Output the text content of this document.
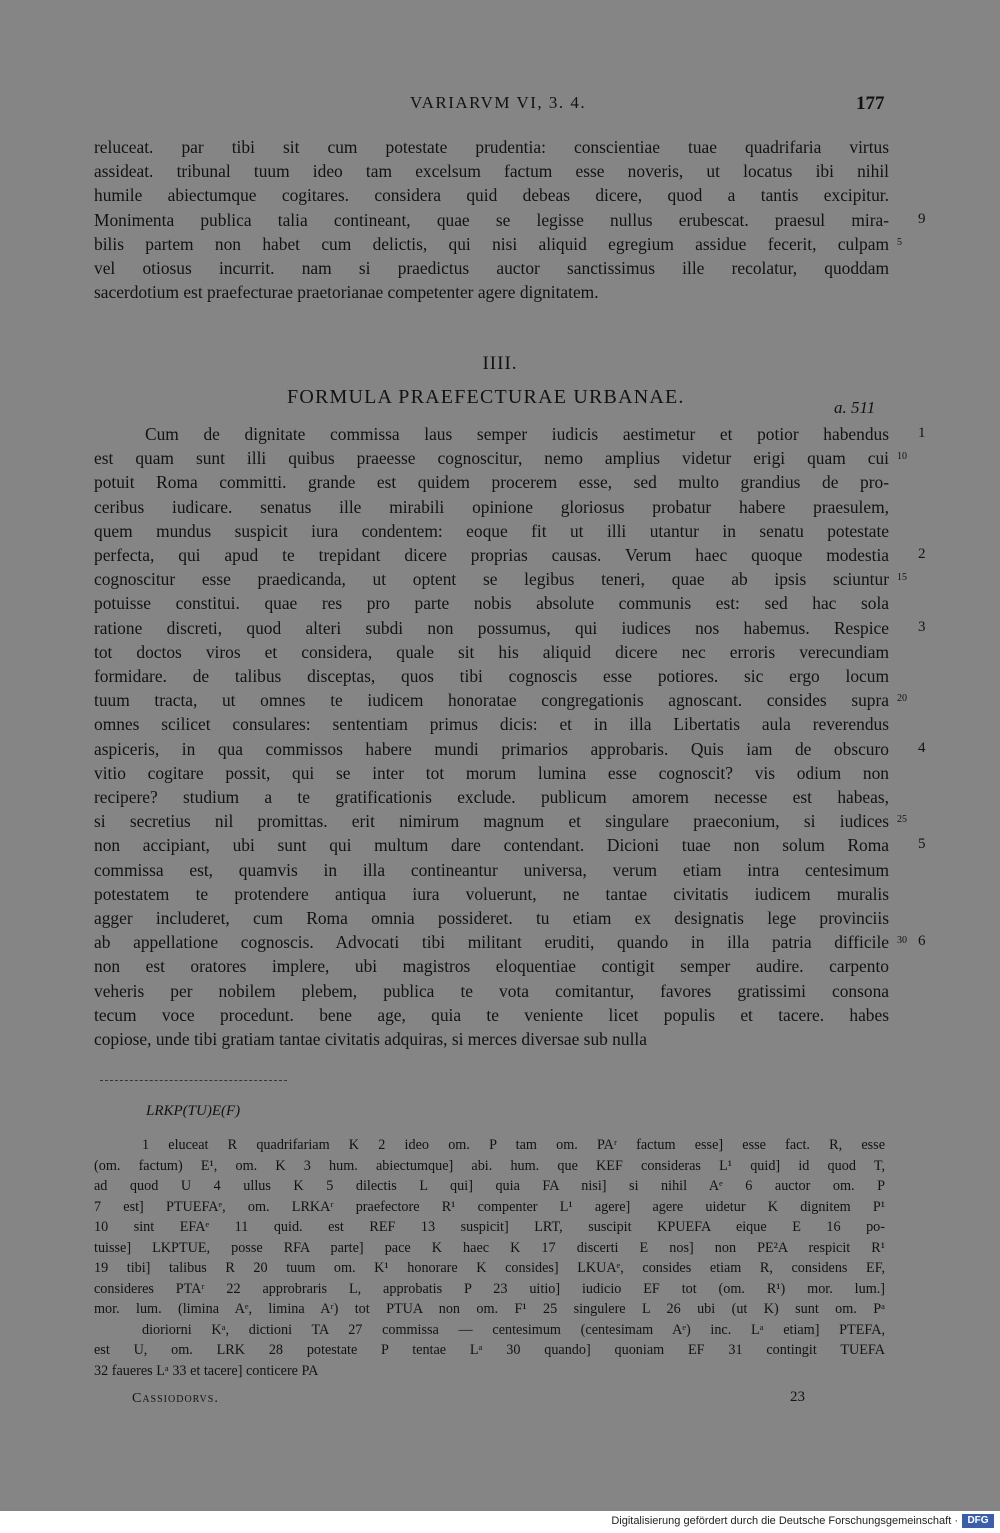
VARIARVM VI, 3. 4.	177
reluceat. par tibi sit cum potestate prudentia: conscientiae tuae quadrifaria virtus
assideat. tribunal tuum ideo tam excelsum factum esse noveris, ut locatus ibi nihil
humile abiectumque cogitares. considera quid debeas dicere, quod a tantis excipitur.
Monimenta publica talia contineant, quae se legisse nullus erubescat. praesul mira-
bilis partem non habet cum delictis, qui nisi aliquid egregium assidue fecerit, culpam
vel otiosus incurrit. nam si praedictus auctor sanctissimus ille recolatur, quoddam
sacerdotium est praefecturae praetorianae competenter agere dignitatem.
9
5
IIII.
FORMULA PRAEFECTURAE URBANAE.	a. 511
Cum de dignitate commissa laus semper iudicis aestimetur et potior habendus
est quam sunt illi quibus praeesse cognoscitur, nemo amplius videtur erigi quam cui
potuit Roma committi. grande est quidem procerem esse, sed multo grandius de pro-
ceribus iudicare. senatus ille mirabili opinione gloriosus probatur habere praesulem,
quem mundus suspicit iura condentem: eoque fit ut illi utantur in senatu potestate
perfecta, qui apud te trepidant dicere proprias causas. Verum haec quoque modestia
cognoscitur esse praedicanda, ut optent se legibus teneri, quae ab ipsis sciuntur
potuisse constitui. quae res pro parte nobis absolute communis est: sed hac sola
ratione discreti, quod alteri subdi non possumus, qui iudices nos habemus. Respice
tot doctos viros et considera, quale sit his aliquid dicere nec erroris verecundiam
formidare. de talibus disceptas, quos tibi cognoscis esse potiores. sic ergo locum
tuum tracta, ut omnes te iudicem honoratae congregationis agnoscant. consides supra
omnes scilicet consulares: sententiam primus dicis: et in illa Libertatis aula reverendus
aspiceris, in qua commissos habere mundi primarios approbaris. Quis iam de obscuro
vitio cogitare possit, qui se inter tot morum lumina esse cognoscit? vis odium non
recipere? studium a te gratificationis exclude. publicum amorem necesse est habeas,
si secretius nil promittas. erit nimirum magnum et singulare praeconium, si iudices
non accipiant, ubi sunt qui multum dare contendant. Dicioni tuae non solum Roma
commissa est, quamvis in illa contineantur universa, verum etiam intra centesimum
potestatem te protendere antiqua iura voluerunt, ne tantae civitatis iudicem muralis
agger includeret, cum Roma omnia possideret. tu etiam ex designatis lege provinciis
ab appellatione cognoscis. Advocati tibi militant eruditi, quando in illa patria difficile
non est oratores implere, ubi magistros eloquentiae contigit semper audire. carpento
veheris per nobilem plebem, publica te vota comitantur, favores gratissimi consona
tecum voce procedunt. bene age, quia te veniente licet populis et tacere. habes
copiose, unde tibi gratiam tantae civitatis adquiras, si merces diversae sub nulla
1
10
2
15
3
20
4
25
5
6
30
LRKP(TU)E(F)
1 eluceat R quadrifariam K 2 ideo om. P tam om. PAʳ factum esse] esse fact. R, esse
(om. factum) E¹, om. K 3 hum. abiectumque] abi. hum. que KEF consideras L¹ quid] id quod T,
ad quod U 4 ullus K 5 dilectis L qui] quia FA nisi] si nihil Aᵉ 6 auctor om. P
7 est] PTUEFAᵉ, om. LRKAʳ praefectore R¹ compenter L¹ agere] agere uidetur K dignitem P¹
10 sint EFAᵉ 11 quid. est REF 13 suspicit] LRT, suscipit KPUEFA eique E 16 po-
tuisse] LKPTUE, posse RFA parte] pace K haec K 17 discerti E nos] non PE²A respicit R¹
19 tibi] talibus R 20 tuum om. K¹ honorare K consides] LKUAᵉ, consides etiam R, considens EF,
consideres PTAʳ 22 approbraris L, approbatis P 23 uitio] iudicio EF tot (om. R¹) mor. lum.]
mor. lum. (limina Aᵉ, limina Aʳ) tot PTUA non om. F¹ 25 singulere L 26 ubi (ut K) sunt om. Pᵃ
dioriorni Kᵃ, dictioni TA 27 commissa — centesimum (centesimam Aᵉ) inc. Lᵃ etiam] PTEFA,
est U, om. LRK 28 potestate P tentae Lᵃ 30 quando] quoniam EF 31 contingit TUEFA
32 faueres Lᵃ 33 et tacere] conticere PA
Cassiodorvs.	23
Digitalisierung gefördert durch die Deutsche Forschungsgemeinschaft · DFG
